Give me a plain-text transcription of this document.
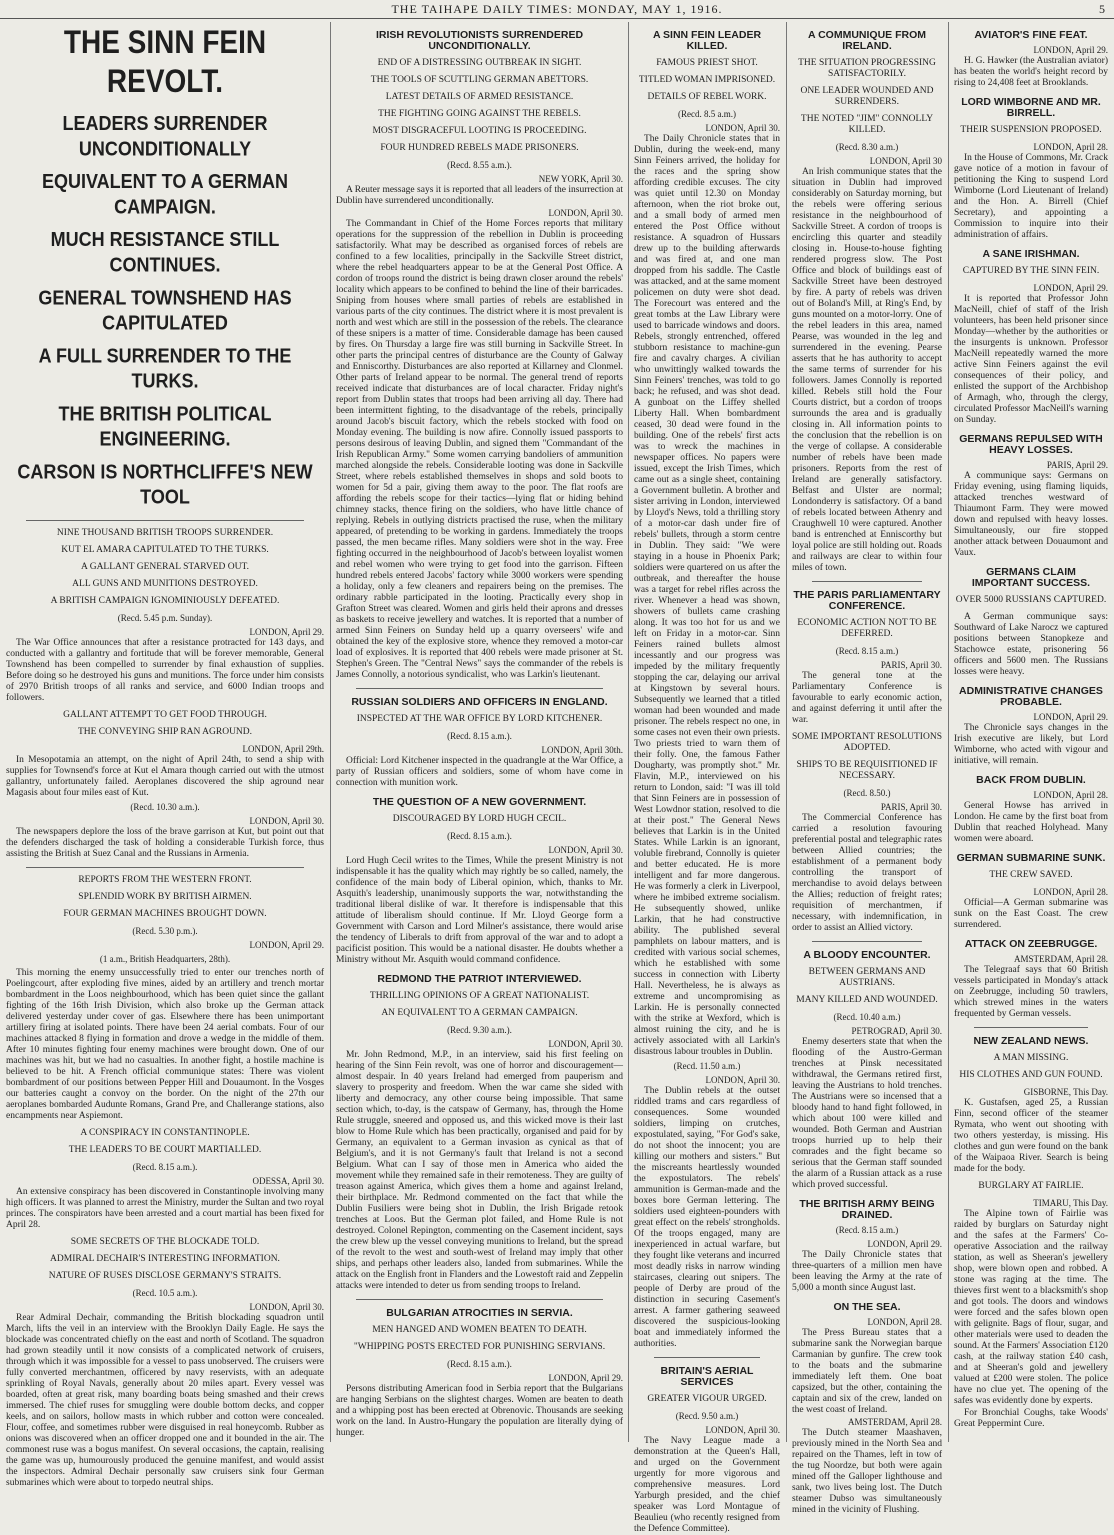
THE TAIHAPE DAILY TIMES: MONDAY, MAY 1, 1916.	5
THE SINN FEIN REVOLT.
LEADERS SURRENDER UNCONDITIONALLY
EQUIVALENT TO A GERMAN CAMPAIGN.
MUCH RESISTANCE STILL CONTINUES.
GENERAL TOWNSHEND HAS CAPITULATED
A FULL SURRENDER TO THE TURKS.
THE BRITISH POLITICAL ENGINEERING.
CARSON IS NORTHCLIFFE'S NEW TOOL
NINE THOUSAND BRITISH TROOPS SURRENDER.
KUT EL AMARA CAPITULATED TO THE TURKS.
A GALLANT GENERAL STARVED OUT.
ALL GUNS AND MUNITIONS DESTROYED.
A BRITISH CAMPAIGN IGNOMINIOUSLY DEFEATED.
(Recd. 5.45 p.m. Sunday).
LONDON, April 29.

The War Office announces that after a resistance protracted for 143 days, and conducted with a gallantry and fortitude that will be forever memorable, General Townshend has been compelled to surrender by final exhaustion of supplies. Before doing so he destroyed his guns and munitions. The force under him consists of 2970 British troops of all ranks and service, and 6000 Indian troops and followers.

GALLANT ATTEMPT TO GET FOOD THROUGH.
THE CONVEYING SHIP RAN AGROUND.
LONDON, April 29th.

In Mesopotamia an attempt, on the night of April 24th, to send a ship with supplies for Townsend's force at Kut el Amara though carried out with the utmost gallantry, unfortunately failed. Aeroplanes discovered the ship aground near Magasis about four miles east of Kut.

(Recd. 10.30 a.m.).
LONDON, April 30.

The newspapers deplore the loss of the brave garrison at Kut, but point out that the defenders discharged the task of holding a considerable Turkish force, thus assisting the British at Suez Canal and the Russians in Armenia.

REPORTS FROM THE WESTERN FRONT.
SPLENDID WORK BY BRITISH AIRMEN.
FOUR GERMAN MACHINES BROUGHT DOWN.
(Recd. 5.30 p.m.).
LONDON, April 29.
(1 a.m., British Headquarters, 28th).

This morning the enemy unsuccessfully tried to enter our trenches north of Poelingcourt, after exploding five mines, aided by an artillery and trench mortar bombardment in the Loos neighbourhood, which has been quiet since the gallant fighting of the 16th Irish Division, which also broke up the German attack delivered yesterday under cover of gas. Elsewhere there has been unimportant artillery firing at isolated points. There have been 24 aerial combats. Four of our machines attacked 8 flying in formation and drove a wedge in the middle of them. After 10 minutes fighting four enemy machines were brought down. One of our machines was hit, but we had no casualties. In another fight, a hostile machine is believed to be hit. A French official communique states: There was violent bombardment of our positions between Pepper Hill and Douaumont. In the Vosges our batteries caught a convoy on the border. On the night of the 27th our aeroplanes bombarded Audunte Romans, Grand Pre, and Challerange stations, also encampments near Aspiemont.

A CONSPIRACY IN CONSTANTINOPLE.
THE LEADERS TO BE COURT MARTIALLED.
(Recd. 8.15 a.m.).
ODESSA, April 30.

An extensive conspiracy has been discovered in Constantinople involving many high officers. It was planned to arrest the Ministry, murder the Sultan and two royal princes. The conspirators have been arrested and a court martial has been fixed for April 28.

SOME SECRETS OF THE BLOCKADE TOLD.
ADMIRAL DECHAIR'S INTERESTING INFORMATION.
NATURE OF RUSES DISCLOSE GERMANY'S STRAITS.
(Recd. 10.5 a.m.).
LONDON, April 30.

Rear Admiral Dechair, commanding the British blockading squadron until March, lifts the veil in an interview with the Brooklyn Daily Eagle. He says the blockade was concentrated chiefly on the east and north of Scotland. The squadron had grown steadily until it now consists of a complicated network of cruisers, through which it was impossible for a vessel to pass unobserved. The cruisers were fully converted merchantmen, officered by navy reservists, with an adequate sprinkling of Royal Navals, generally about 20 miles apart. Every vessel was boarded, often at great risk, many boarding boats being smashed and their crews immersed. The chief ruses for smuggling were double bottom decks, and copper keels, and on sailors, hollow masts in which rubber and cotton were concealed. Flour, coffee, and sometimes rubber were disguised in real honeycomb. Rubber as onions was discovered when an officer dropped one and it bounded in the air. The commonest ruse was a bogus manifest. On several occasions, the captain, realising the game was up, humourously produced the genuine manifest, and would assist the inspectors. Admiral Dechair personally saw cruisers sink four German submarines which were about to torpedo neutral ships.

IRISH REVOLUTIONISTS SURRENDERED UNCONDITIONALLY.
END OF A DISTRESSING OUTBREAK IN SIGHT.
THE TOOLS OF SCUTTLING GERMAN ABETTORS.
LATEST DETAILS OF ARMED RESISTANCE.
THE FIGHTING GOING AGAINST THE REBELS.
MOST DISGRACEFUL LOOTING IS PROCEEDING.
FOUR HUNDRED REBELS MADE PRISONERS.
(Recd. 8.55 a.m.).
NEW YORK, April 30.

A Reuter message says it is reported that all leaders of the insurrection at Dublin have surrendered unconditionally.

LONDON, April 30.

The Commandant in Chief of the Home Forces reports that military operations for the suppression of the rebellion in Dublin is proceeding satisfactorily. What may be described as organised forces of rebels are confined to a few localities, principally in the Sackville Street district, where the rebel headquarters appear to be at the General Post Office. A cordon of troops round the district is being drawn closer around the rebels' locality which appears to be confined to behind the line of their barricades. Sniping from houses where small parties of rebels are established in various parts of the city continues. The district where it is most prevalent is north and west which are still in the possession of the rebels. The clearance of these snipers is a matter of time. Considerable damage has been caused by fires. On Thursday a large fire was still burning in Sackville Street. In other parts the principal centres of disturbance are the County of Galway and Enniscorthy. Disturbances are also reported at Killarney and Clonmel. Other parts of Ireland appear to be normal. The general trend of reports received indicate that disturbances are of local character. Friday night's report from Dublin states that troops had been arriving all day. There had been intermittent fighting, to the disadvantage of the rebels, principally around Jacob's biscuit factory, which the rebels stocked with food on Monday evening. The building is now afire. Connolly issued passports to persons desirous of leaving Dublin, and signed them "Commandant of the Irish Republican Army." Some women carrying bandoliers of ammunition marched alongside the rebels. Considerable looting was done in Sackville Street, where rebels established themselves in shops and sold boots to women for 5d a pair, giving them away to the poor. The flat roofs are affording the rebels scope for their tactics—lying flat or hiding behind chimney stacks, thence firing on the soldiers, who have little chance of replying. Rebels in outlying districts practised the ruse, when the military appeared, of pretending to be working in gardens. Immediately the troops passed, the men became rifles. Many soldiers were shot in the way. Free fighting occurred in the neighbourhood of Jacob's between loyalist women and rebel women who were trying to get food into the garrison. Fifteen hundred rebels entered Jacobs' factory while 3000 workers were spending a holiday, only a few cleaners and repairers being on the premises. The ordinary rabble participated in the looting. Practically every shop in Grafton Street was cleared. Women and girls held their aprons and dresses as baskets to receive jewellery and watches. It is reported that a number of armed Sinn Feiners on Sunday held up a quarry overseers' wife and obtained the key of the explosive store, whence they removed a motor-car load of explosives. It is reported that 400 rebels were made prisoner at St. Stephen's Green. The "Central News" says the commander of the rebels is James Connolly, a notorious syndicalist, who was Larkin's lieutenant.

RUSSIAN SOLDIERS AND OFFICERS IN ENGLAND.
INSPECTED AT THE WAR OFFICE BY LORD KITCHENER.
(Recd. 8.15 a.m.).
LONDON, April 30th.

Official: Lord Kitchener inspected in the quadrangle at the War Office, a party of Russian officers and soldiers, some of whom have come in connection with munition work.

THE QUESTION OF A NEW GOVERNMENT.
DISCOURAGED BY LORD HUGH CECIL.
(Recd. 8.15 a.m.).
LONDON, April 30.

Lord Hugh Cecil writes to the Times, While the present Ministry is not indispensable it has the quality which may rightly be so called, namely, the confidence of the main body of Liberal opinion, which, thanks to Mr. Asquith's leadership, unanimously supports the war, notwithstanding the traditional liberal dislike of war. It therefore is indispensable that this attitude of liberalism should continue. If Mr. Lloyd George form a Government with Carson and Lord Milner's assistance, there would arise the tendency of Liberals to drift from approval of the war and to adopt a pacificist position. This would be a national disaster. He doubts whether a Ministry without Mr. Asquith would command confidence.

REDMOND THE PATRIOT INTERVIEWED.
THRILLING OPINIONS OF A GREAT NATIONALIST.
AN EQUIVALENT TO A GERMAN CAMPAIGN.
(Recd. 9.30 a.m.).
LONDON, April 30.

Mr. John Redmond, M.P., in an interview, said his first feeling on hearing of the Sinn Fein revolt, was one of horror and discouragement—almost despair. In 40 years Ireland had emerged from pauperism and slavery to prosperity and freedom. When the war came she sided with liberty and democracy, any other course being impossible. That same section which, to-day, is the catspaw of Germany, has, through the Home Rule struggle, sneered and opposed us, and this wicked move is their last blow to Home Rule which has been practically, organised and paid for by Germany, an equivalent to a German invasion as cynical as that of Belgium's, and it is not Germany's fault that Ireland is not a second Belgium. What can I say of those men in America who aided the movement while they remained safe in their remoteness. They are guilty of treason against America, which gives them a home and against Ireland, their birthplace. Mr. Redmond commented on the fact that while the Dublin Fusiliers were being shot in Dublin, the Irish Brigade retook trenches at Loos. But the German plot failed, and Home Rule is not destroyed. Colonel Repington, commenting on the Casement incident, says the crew blew up the vessel conveying munitions to Ireland, but the spread of the revolt to the west and south-west of Ireland may imply that other ships, and perhaps other leaders also, landed from submarines. While the attack on the English front in Flanders and the Lowestoft raid and Zeppelin attacks were intended to deter us from sending troops to Ireland.

BULGARIAN ATROCITIES IN SERVIA.
MEN HANGED AND WOMEN BEATEN TO DEATH.
"WHIPPING POSTS ERECTED FOR PUNISHING SERVIANS.
(Recd. 8.15 a.m.).
LONDON, April 29.

Persons distributing American food in Serbia report that the Bulgarians are hanging Serbians on the slightest charges. Women are beaten to death and a whipping post has been erected at Obrenovic. Thousands are seeking work on the land. In Austro-Hungary the population are literally dying of hunger.

A SINN FEIN LEADER KILLED.
FAMOUS PRIEST SHOT.
TITLED WOMAN IMPRISONED.
DETAILS OF REBEL WORK.
(Recd. 8.5 a.m.)
LONDON, April 30.

The Daily Chronicle states that in Dublin, during the week-end, many Sinn Feiners arrived, the holiday for the races and the spring show affording credible excuses. The city was quiet until 12.30 on Monday afternoon, when the riot broke out, and a small body of armed men entered the Post Office without resistance. A squadron of Hussars drew up to the building afterwards and was fired at, and one man dropped from his saddle. The Castle was attacked, and at the same moment policemen on duty were shot dead. The Forecourt was entered and the great tombs at the Law Library were used to barricade windows and doors. Rebels, strongly entrenched, offered stubborn resistance to machine-gun fire and cavalry charges. A civilian who unwittingly walked towards the Sinn Feiners' trenches, was told to go back; he refused, and was shot dead. A gunboat on the Liffey shelled Liberty Hall. When bombardment ceased, 30 dead were found in the building. One of the rebels' first acts was to wreck the machines in newspaper offices. No papers were issued, except the Irish Times, which came out as a single sheet, containing a Government bulletin. A brother and sister arriving in London, interviewed by Lloyd's News, told a thrilling story of a motor-car dash under fire of rebels' bullets, through a storm centre in Dublin. They said: "We were staying in a house in Phoenix Park; soldiers were quartered on us after the outbreak, and thereafter the house was a target for rebel rifles across the river. Whenever a head was shown, showers of bullets came crashing along. It was too hot for us and we left on Friday in a motor-car. Sinn Feiners rained bullets almost incessantly and our progress was impeded by the military frequently stopping the car, delaying our arrival at Kingstown by several hours. Subsequently we learned that a titled woman had been wounded and made prisoner. The rebels respect no one, in some cases not even their own priests. Two priests tried to warn them of their folly. One, the famous Father Dougharty, was promptly shot." Mr. Flavin, M.P., interviewed on his return to London, said: "I was ill told that Sinn Feiners are in possession of West Lowdnor station, resolved to die at their post." The General News believes that Larkin is in the United States. While Larkin is an ignorant, voluble firebrand, Connolly is quieter and better educated. He is more intelligent and far more dangerous. He was formerly a clerk in Liverpool, where he imbibed extreme socialism. He subsequently showed, unlike Larkin, that he had constructive ability. The published several pamphlets on labour matters, and is credited with various social schemes, which he established with some success in connection with Liberty Hall. Nevertheless, he is always as extreme and uncompromising as Larkin. He is personally connected with the strike at Wexford, which is almost ruining the city, and he is actively associated with all Larkin's disastrous labour troubles in Dublin.

(Recd. 11.50 a.m.)
LONDON, April 30.

The Dublin rebels at the outset riddled trams and cars regardless of consequences. Some wounded soldiers, limping on crutches, expostulated, saying, "For God's sake, do not shoot the innocent; you are killing our mothers and sisters." But the miscreants heartlessly wounded the expostulators. The rebels' ammunition is German-made and the boxes bore German lettering. The soldiers used eighteen-pounders with great effect on the rebels' strongholds. Of the troops engaged, many are inexperienced in actual warfare, but they fought like veterans and incurred most deadly risks in narrow winding staircases, clearing out snipers. The people of Derby are proud of the distinction in securing Casement's arrest. A farmer gathering seaweed discovered the suspicious-looking boat and immediately informed the authorities.

BRITAIN'S AERIAL SERVICES
GREATER VIGOUR URGED.
(Recd. 9.50 a.m.)
LONDON, April 30.

The Navy League made a demonstration at the Queen's Hall, and urged on the Government urgently for more vigorous and comprehensive measures. Lord Yarburgh presided, and the chief speaker was Lord Montague of Beaulieu (who recently resigned from the Defence Committee).

A COMMUNIQUE FROM IRELAND.
THE SITUATION PROGRESSING SATISFACTORILY.
ONE LEADER WOUNDED AND SURRENDERS.
THE NOTED "JIM" CONNOLLY KILLED.
(Recd. 8.30 a.m.)
LONDON, April 30

An Irish communique states that the situation in Dublin had improved considerably on Saturday morning, but the rebels were offering serious resistance in the neighbourhood of Sackville Street. A cordon of troops is encircling this quarter and steadily closing in. House-to-house fighting rendered progress slow. The Post Office and block of buildings east of Sackville Street have been destroyed by fire. A party of rebels was driven out of Boland's Mill, at Ring's End, by guns mounted on a motor-lorry. One of the rebel leaders in this area, named Pearse, was wounded in the leg and surrendered in the evening. Pearse asserts that he has authority to accept the same terms of surrender for his followers. James Connolly is reported killed. Rebels still hold the Four Courts district, but a cordon of troops surrounds the area and is gradually closing in. All information points to the conclusion that the rebellion is on the verge of collapse. A considerable number of rebels have been made prisoners. Reports from the rest of Ireland are generally satisfactory. Belfast and Ulster are normal; Londonderry is satisfactory. Of a band of rebels located between Athenry and Craughwell 10 were captured. Another band is entrenched at Enniscorthy but loyal police are still holding out. Roads and railways are clear to within four miles of town.

THE PARIS PARLIAMENTARY CONFERENCE.
ECONOMIC ACTION NOT TO BE DEFERRED.
(Recd. 8.15 a.m.)
PARIS, April 30.

The general tone at the Parliamentary Conference is favourable to early economic action, and against deferring it until after the war.

SOME IMPORTANT RESOLUTIONS ADOPTED.
SHIPS TO BE REQUISITIONED IF NECESSARY.
(Recd. 8.50.)
PARIS, April 30.

The Commercial Conference has carried a resolution favouring preferential postal and telegraphic rates between Allied countries; the establishment of a permanent body controlling the transport of merchandise to avoid delays between the Allies; reduction of freight rates; requisition of merchantmen, if necessary, with indemnification, in order to assist an Allied victory.

A BLOODY ENCOUNTER.
BETWEEN GERMANS AND AUSTRIANS.
MANY KILLED AND WOUNDED.
(Recd. 10.40 a.m.)
PETROGRAD, April 30.

Enemy deserters state that when the flooding of the Austro-German trenches at Pinsk necessitated withdrawal, the Germans retired first, leaving the Austrians to hold trenches. The Austrians were so incensed that a bloody hand to hand fight followed, in which about 100 were killed and wounded. Both German and Austrian troops hurried up to help their comrades and the fight became so serious that the German staff sounded the alarm of a Russian attack as a ruse which proved successful.

THE BRITISH ARMY BEING DRAINED.
(Recd. 8.15 a.m.)
LONDON, April 29.

The Daily Chronicle states that three-quarters of a million men have been leaving the Army at the rate of 5,000 a month since August last.

ON THE SEA.
LONDON, April 28.

The Press Bureau states that a submarine sank the Norwegian barque Carmanian by gunfire. The crew took to the boats and the submarine immediately left them. One boat capsized, but the other, containing the captain and six of the crew, landed on the west coast of Ireland.

AMSTERDAM, April 28.

The Dutch steamer Maashaven, previously mined in the North Sea and repaired on the Thames, left in tow of the tug Noordze, but both were again mined off the Galloper lighthouse and sank, two lives being lost. The Dutch steamer Dubso was simultaneously mined in the vicinity of Flushing.

AVIATOR'S FINE FEAT.
LONDON, April 29.

H. G. Hawker (the Australian aviator) has beaten the world's height record by rising to 24,408 feet at Brooklands.

LORD WIMBORNE AND MR. BIRRELL.
THEIR SUSPENSION PROPOSED.
LONDON, April 28.

In the House of Commons, Mr. Crack gave notice of a motion in favour of petitioning the King to suspend Lord Wimborne (Lord Lieutenant of Ireland) and the Hon. A. Birrell (Chief Secretary), and appointing a Commission to inquire into their administration of affairs.

A SANE IRISHMAN.
CAPTURED BY THE SINN FEIN.
LONDON, April 29.

It is reported that Professor John MacNeill, chief of staff of the Irish volunteers, has been held prisoner since Monday—whether by the authorities or the insurgents is unknown. Professor MacNeill repeatedly warned the more active Sinn Feiners against the evil consequences of their policy, and enlisted the support of the Archbishop of Armagh, who, through the clergy, circulated Professor MacNeill's warning on Sunday.

GERMANS REPULSED WITH HEAVY LOSSES.
PARIS, April 29.

A communique says: Germans on Friday evening, using flaming liquids, attacked trenches westward of Thiaumont Farm. They were mowed down and repulsed with heavy losses. Simultaneously, our fire stopped another attack between Douaumont and Vaux.

GERMANS CLAIM IMPORTANT SUCCESS.
OVER 5000 RUSSIANS CAPTURED.

A German communique says: Southward of Lake Narocz we captured positions between Stanopkeze and Stachowce estate, prisonering 56 officers and 5600 men. The Russians losses were heavy.

ADMINISTRATIVE CHANGES PROBABLE.
LONDON, April 29.

The Chronicle says changes in the Irish executive are likely, but Lord Wimborne, who acted with vigour and initiative, will remain.

BACK FROM DUBLIN.
LONDON, April 28.

General Howse has arrived in London. He came by the first boat from Dublin that reached Holyhead. Many women were aboard.

GERMAN SUBMARINE SUNK.
THE CREW SAVED.
LONDON, April 28.

Official—A German submarine was sunk on the East Coast. The crew surrendered.

ATTACK ON ZEEBRUGGE.
AMSTERDAM, April 28.

The Telegraaf says that 60 British vessels participated in Monday's attack on Zeebrugge, including 50 trawlers, which strewed mines in the waters frequented by German vessels.

NEW ZEALAND NEWS.
A MAN MISSING.
HIS CLOTHES AND GUN FOUND.
GISBORNE, This Day.

K. Gustafsen, aged 25, a Russian Finn, second officer of the steamer Rymata, who went out shooting with two others yesterday, is missing. His clothes and gun were found on the bank of the Waipaoa River. Search is being made for the body.

BURGLARY AT FAIRLIE.
TIMARU, This Day.

The Alpine town of Fairlie was raided by burglars on Saturday night and the safes at the Farmers' Co-operative Association and the railway station, as well as Sheeran's jewellery shop, were blown open and robbed. A stone was raging at the time. The thieves first went to a blacksmith's shop and got tools. The doors and windows were forced and the safes blown open with gelignite. Bags of flour, sugar, and other materials were used to deaden the sound. At the Farmers' Association £120 cash, at the railway station £40 cash, and at Sheeran's gold and jewellery valued at £200 were stolen. The police have no clue yet. The opening of the safes was evidently done by experts.

For Bronchial Coughs, take Woods' Great Peppermint Cure.
